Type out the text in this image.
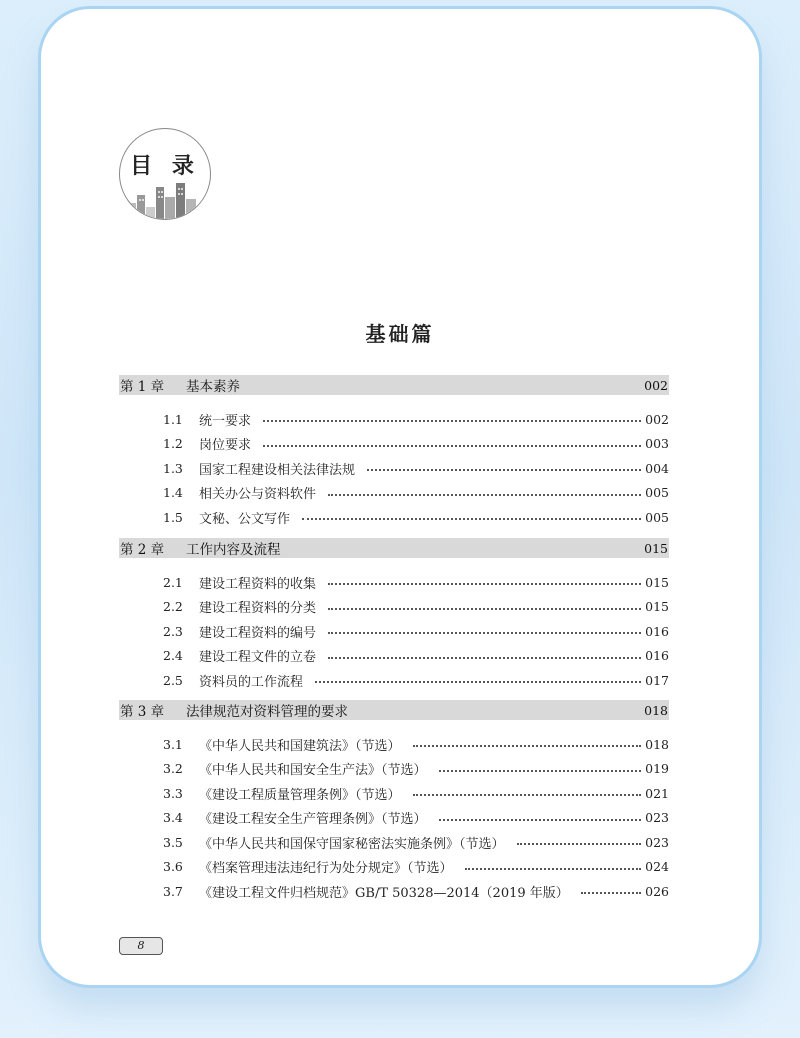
目 录
基础篇
第 1 章	基本素养	002
1.1	统一要求	002
1.2	岗位要求	003
1.3	国家工程建设相关法律法规	004
1.4	相关办公与资料软件	005
1.5	文秘、公文写作	005
第 2 章	工作内容及流程	015
2.1	建设工程资料的收集	015
2.2	建设工程资料的分类	015
2.3	建设工程资料的编号	016
2.4	建设工程文件的立卷	016
2.5	资料员的工作流程	017
第 3 章	法律规范对资料管理的要求	018
3.1	《中华人民共和国建筑法》（节选）	018
3.2	《中华人民共和国安全生产法》（节选）	019
3.3	《建设工程质量管理条例》（节选）	021
3.4	《建设工程安全生产管理条例》（节选）	023
3.5	《中华人民共和国保守国家秘密法实施条例》（节选）	023
3.6	《档案管理违法违纪行为处分规定》（节选）	024
3.7	《建设工程文件归档规范》GB/T 50328—2014（2019 年版）	026
8
